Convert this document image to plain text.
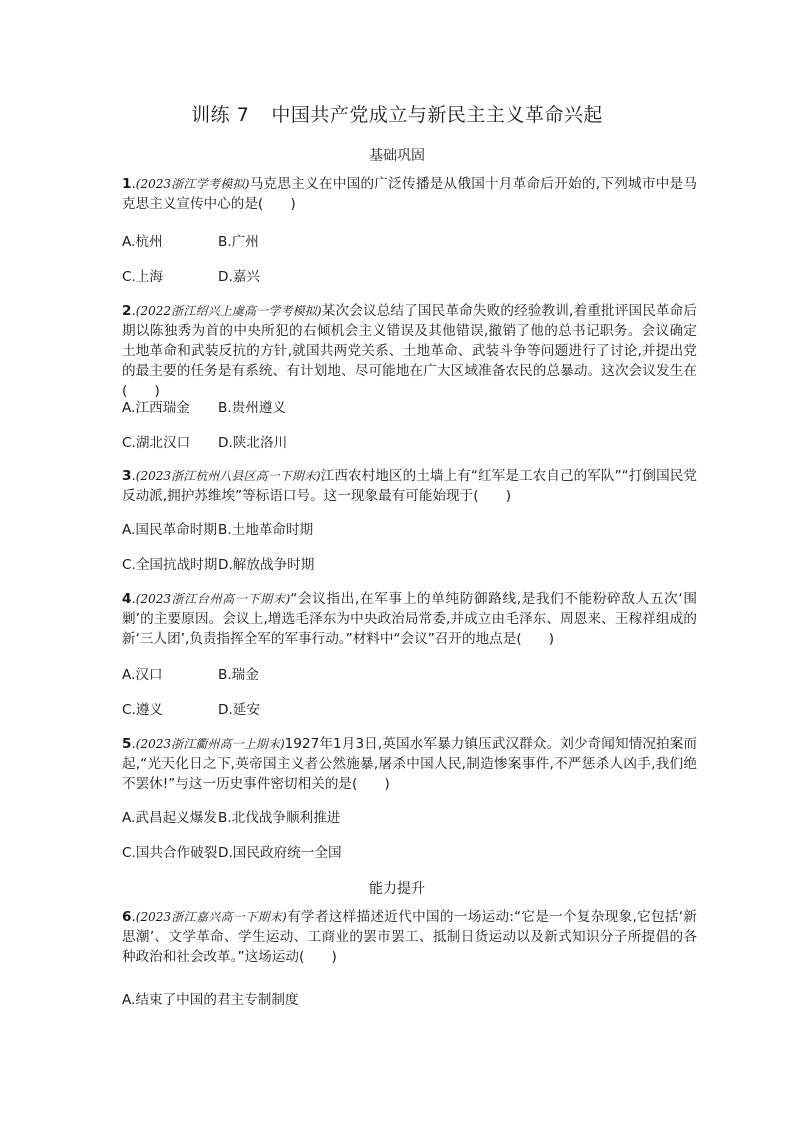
训练 7 中国共产党成立与新民主主义革命兴起
基础巩固
1.(2023浙江学考模拟)马克思主义在中国的广泛传播是从俄国十月革命后开始的,下列城市中是马克思主义宣传中心的是(　　)
A.杭州	B.广州
C.上海	D.嘉兴
2.(2022浙江绍兴上虞高一学考模拟)某次会议总结了国民革命失败的经验教训,着重批评国民革命后期以陈独秀为首的中央所犯的右倾机会主义错误及其他错误,撤销了他的总书记职务。会议确定土地革命和武装反抗的方针,就国共两党关系、土地革命、武装斗争等问题进行了讨论,并提出党的最主要的任务是有系统、有计划地、尽可能地在广大区域准备农民的总暴动。这次会议发生在(　　)
A.江西瑞金 B.贵州遵义
C.湖北汉口 D.陕北洛川
3.(2023浙江杭州八县区高一下期末)江西农村地区的土墙上有“红军是工农自己的军队”“打倒国民党反动派,拥护苏维埃”等标语口号。这一现象最有可能始现于(　　)
A.国民革命时期 B.土地革命时期
C.全国抗战时期 D.解放战争时期
4.(2023浙江台州高一下期末)“会议指出,在军事上的单纯防御路线,是我们不能粉碎敌人五次‘围剿’的主要原因。会议上,增选毛泽东为中央政治局常委,并成立由毛泽东、周恩来、王稼祥组成的新‘三人团’,负责指挥全军的军事行动。”材料中“会议”召开的地点是(　　)
A.汉口	B.瑞金
C.遵义	D.延安
5.(2023浙江衢州高一上期末)1927年1月3日,英国水军暴力镇压武汉群众。刘少奇闻知情况拍案而起,“光天化日之下,英帝国主义者公然施暴,屠杀中国人民,制造惨案事件,不严惩杀人凶手,我们绝不罢休!”与这一历史事件密切相关的是(　　)
A.武昌起义爆发 B.北伐战争顺利推进
C.国共合作破裂 D.国民政府统一全国
能力提升
6.(2023浙江嘉兴高一下期末)有学者这样描述近代中国的一场运动:“它是一个复杂现象,它包括‘新思潮’、文学革命、学生运动、工商业的罢市罢工、抵制日货运动以及新式知识分子所提倡的各种政治和社会改革。”这场运动(　　)
A.结束了中国的君主专制制度
